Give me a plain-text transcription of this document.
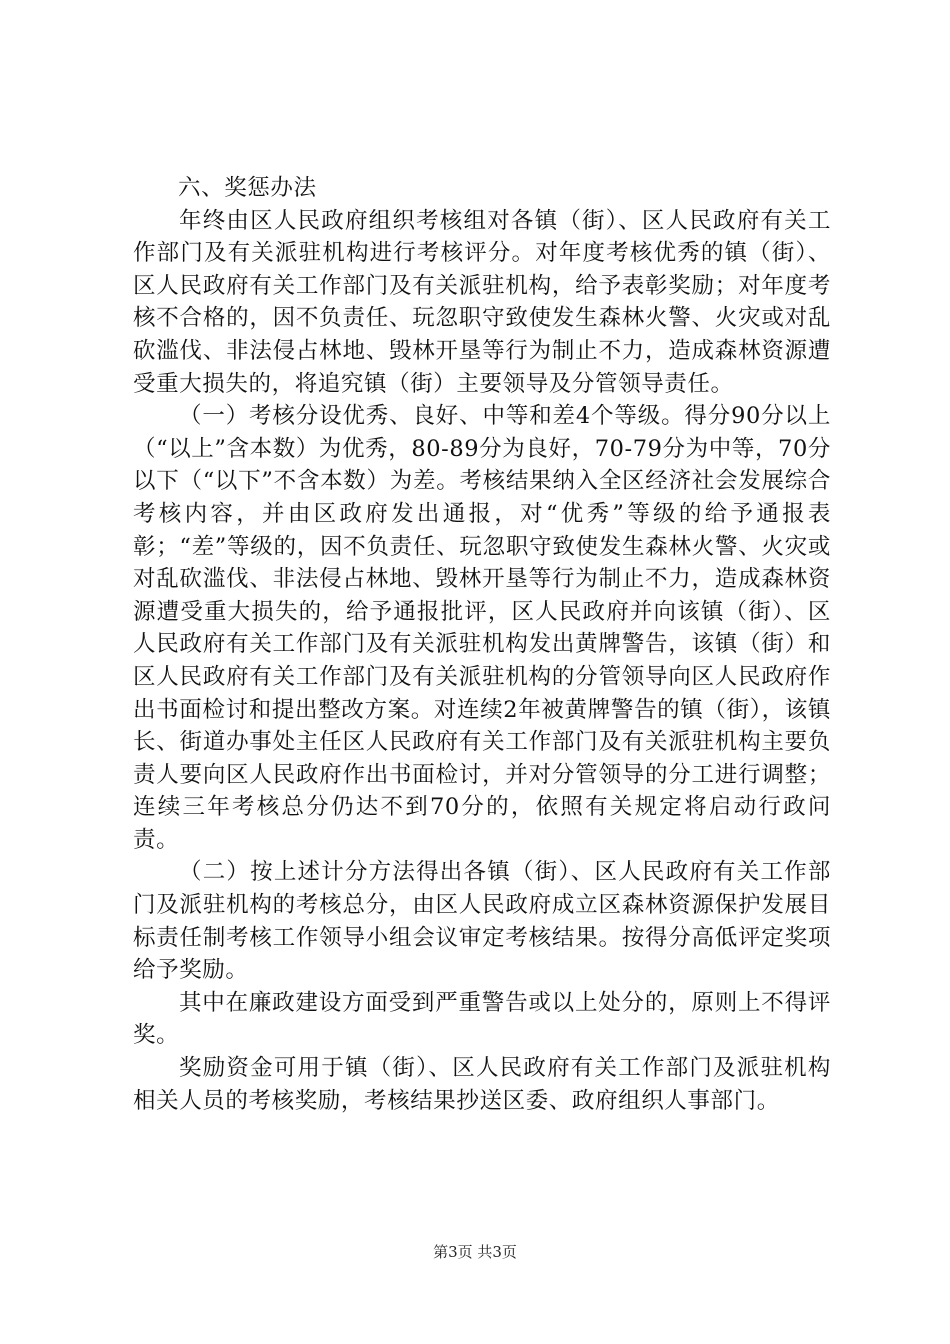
六、奖惩办法

年终由区人民政府组织考核组对各镇（街）、区人民政府有关工作部门及有关派驻机构进行考核评分。对年度考核优秀的镇（街）、区人民政府有关工作部门及有关派驻机构，给予表彰奖励；对年度考核不合格的，因不负责任、玩忽职守致使发生森林火警、火灾或对乱砍滥伐、非法侵占林地、毁林开垦等行为制止不力，造成森林资源遭受重大损失的，将追究镇（街）主要领导及分管领导责任。

（一）考核分设优秀、良好、中等和差4个等级。得分90分以上（“以上”含本数）为优秀，80-89分为良好，70-79分为中等，70分以下（“以下”不含本数）为差。考核结果纳入全区经济社会发展综合考核内容，并由区政府发出通报，对“优秀”等级的给予通报表彰；“差”等级的，因不负责任、玩忽职守致使发生森林火警、火灾或对乱砍滥伐、非法侵占林地、毁林开垦等行为制止不力，造成森林资源遭受重大损失的，给予通报批评，区人民政府并向该镇（街）、区人民政府有关工作部门及有关派驻机构发出黄牌警告，该镇（街）和区人民政府有关工作部门及有关派驻机构的分管领导向区人民政府作出书面检讨和提出整改方案。对连续2年被黄牌警告的镇（街），该镇长、街道办事处主任区人民政府有关工作部门及有关派驻机构主要负责人要向区人民政府作出书面检讨，并对分管领导的分工进行调整；连续三年考核总分仍达不到70分的，依照有关规定将启动行政问责。

（二）按上述计分方法得出各镇（街）、区人民政府有关工作部门及派驻机构的考核总分，由区人民政府成立区森林资源保护发展目标责任制考核工作领导小组会议审定考核结果。按得分高低评定奖项给予奖励。

其中在廉政建设方面受到严重警告或以上处分的，原则上不得评奖。

奖励资金可用于镇（街）、区人民政府有关工作部门及派驻机构相关人员的考核奖励，考核结果抄送区委、政府组织人事部门。

第3页 共3页
